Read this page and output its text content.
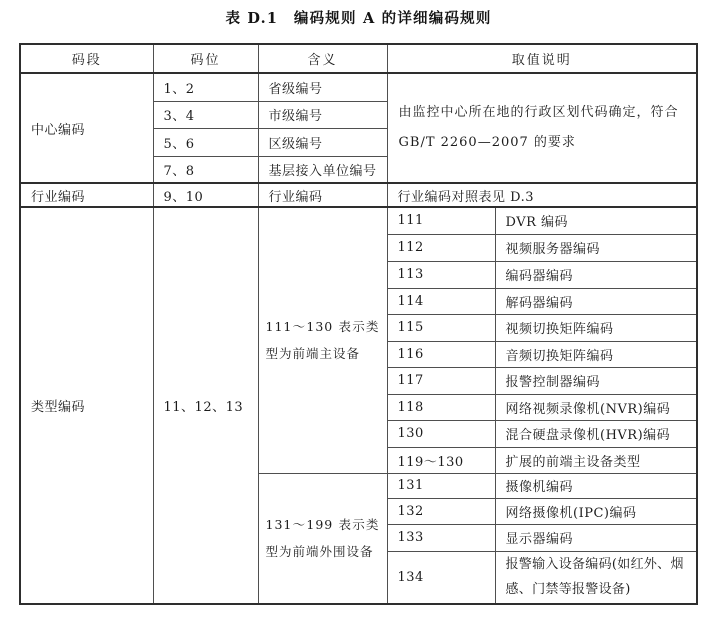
表 D.1　编码规则 A 的详细编码规则
码段	码位	含义	取值说明	
中心编码	1、2	省级编号	由监控中心所在地的行政区划代码确定，符合 GB/T 2260—2007 的要求	
	3、4	市级编号		
	5、6	区级编号		
	7、8	基层接入单位编号		
行业编码	9、10	行业编码	行业编码对照表见 D.3	
类型编码	11、12、13	111～130 表示类型为前端主设备	111	DVR 编码
			112	视频服务器编码
			113	编码器编码
			114	解码器编码
			115	视频切换矩阵编码
			116	音频切换矩阵编码
			117	报警控制器编码
			118	网络视频录像机(NVR)编码
			130	混合硬盘录像机(HVR)编码
			119～130	扩展的前端主设备类型
		131～199 表示类型为前端外围设备	131	摄像机编码
			132	网络摄像机(IPC)编码
			133	显示器编码
			134	报警输入设备编码(如红外、烟感、门禁等报警设备)
